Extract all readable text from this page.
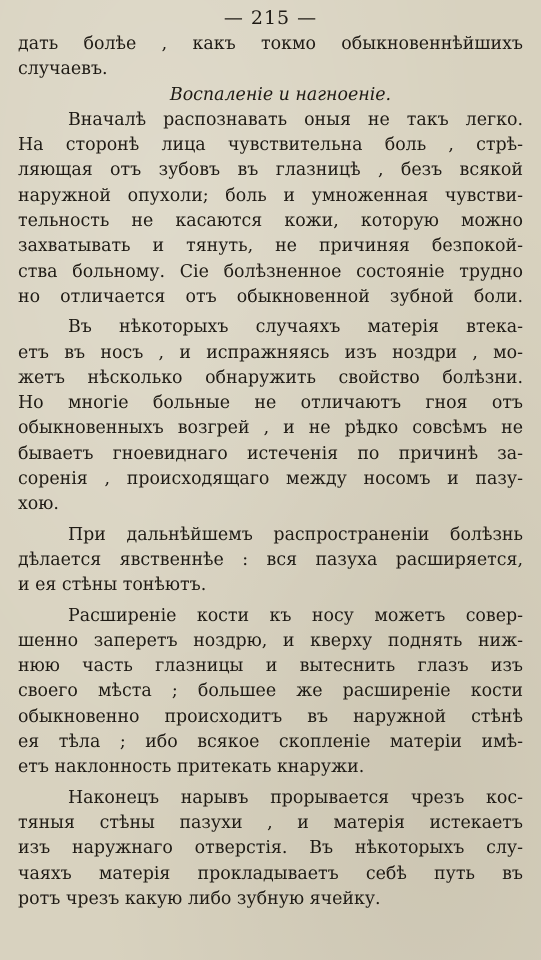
— 215 —
дать болѣе , какъ токмо обыкновеннѣйшихъ
случаевъ.
Воспаленіе и нагноеніе.
Вначалѣ распознавать оныя не такъ легко.
На сторонѣ лица чувствительна боль , стрѣ-
ляющая отъ зубовъ въ глазницѣ , безъ всякой
наружной опухоли; боль и умноженная чувстви-
тельность не касаются кожи, которую можно
захватывать и тянуть, не причиняя безпокой-
ства больному. Сіе болѣзненное состояніе трудно
но отличается отъ обыкновенной зубной боли.
Въ нѣкоторыхъ случаяхъ матерія втека-
етъ въ носъ , и испражняясь изъ ноздри , мо-
жетъ нѣсколько обнаружить свойство болѣзни.
Но многіе больные не отличаютъ гноя отъ
обыкновенныхъ возгрей , и не рѣдко совсѣмъ не
бываетъ гноевиднаго истеченія по причинѣ за-
соренія , происходящаго между носомъ и пазу-
хою.
При дальнѣйшемъ распространеніи болѣзнь
дѣлается явственнѣе : вся пазуха расширяется,
и ея стѣны тонѣютъ.
Расширеніе кости къ носу можетъ совер-
шенно заперетъ ноздрю, и кверху поднять ниж-
нюю часть глазницы и вытеснить глазъ изъ
своего мѣста ; большее же расширеніе кости
обыкновенно происходитъ въ наружной стѣнѣ
ея тѣла ; ибо всякое скопленіе матеріи имѣ-
етъ наклонность притекать кнаружи.
Наконецъ нарывъ прорывается чрезъ кос-
тяныя стѣны пазухи , и матерія истекаетъ
изъ наружнаго отверстія. Въ нѣкоторыхъ слу-
чаяхъ матерія прокладываетъ себѣ путь въ
ротъ чрезъ какую либо зубную ячейку.
